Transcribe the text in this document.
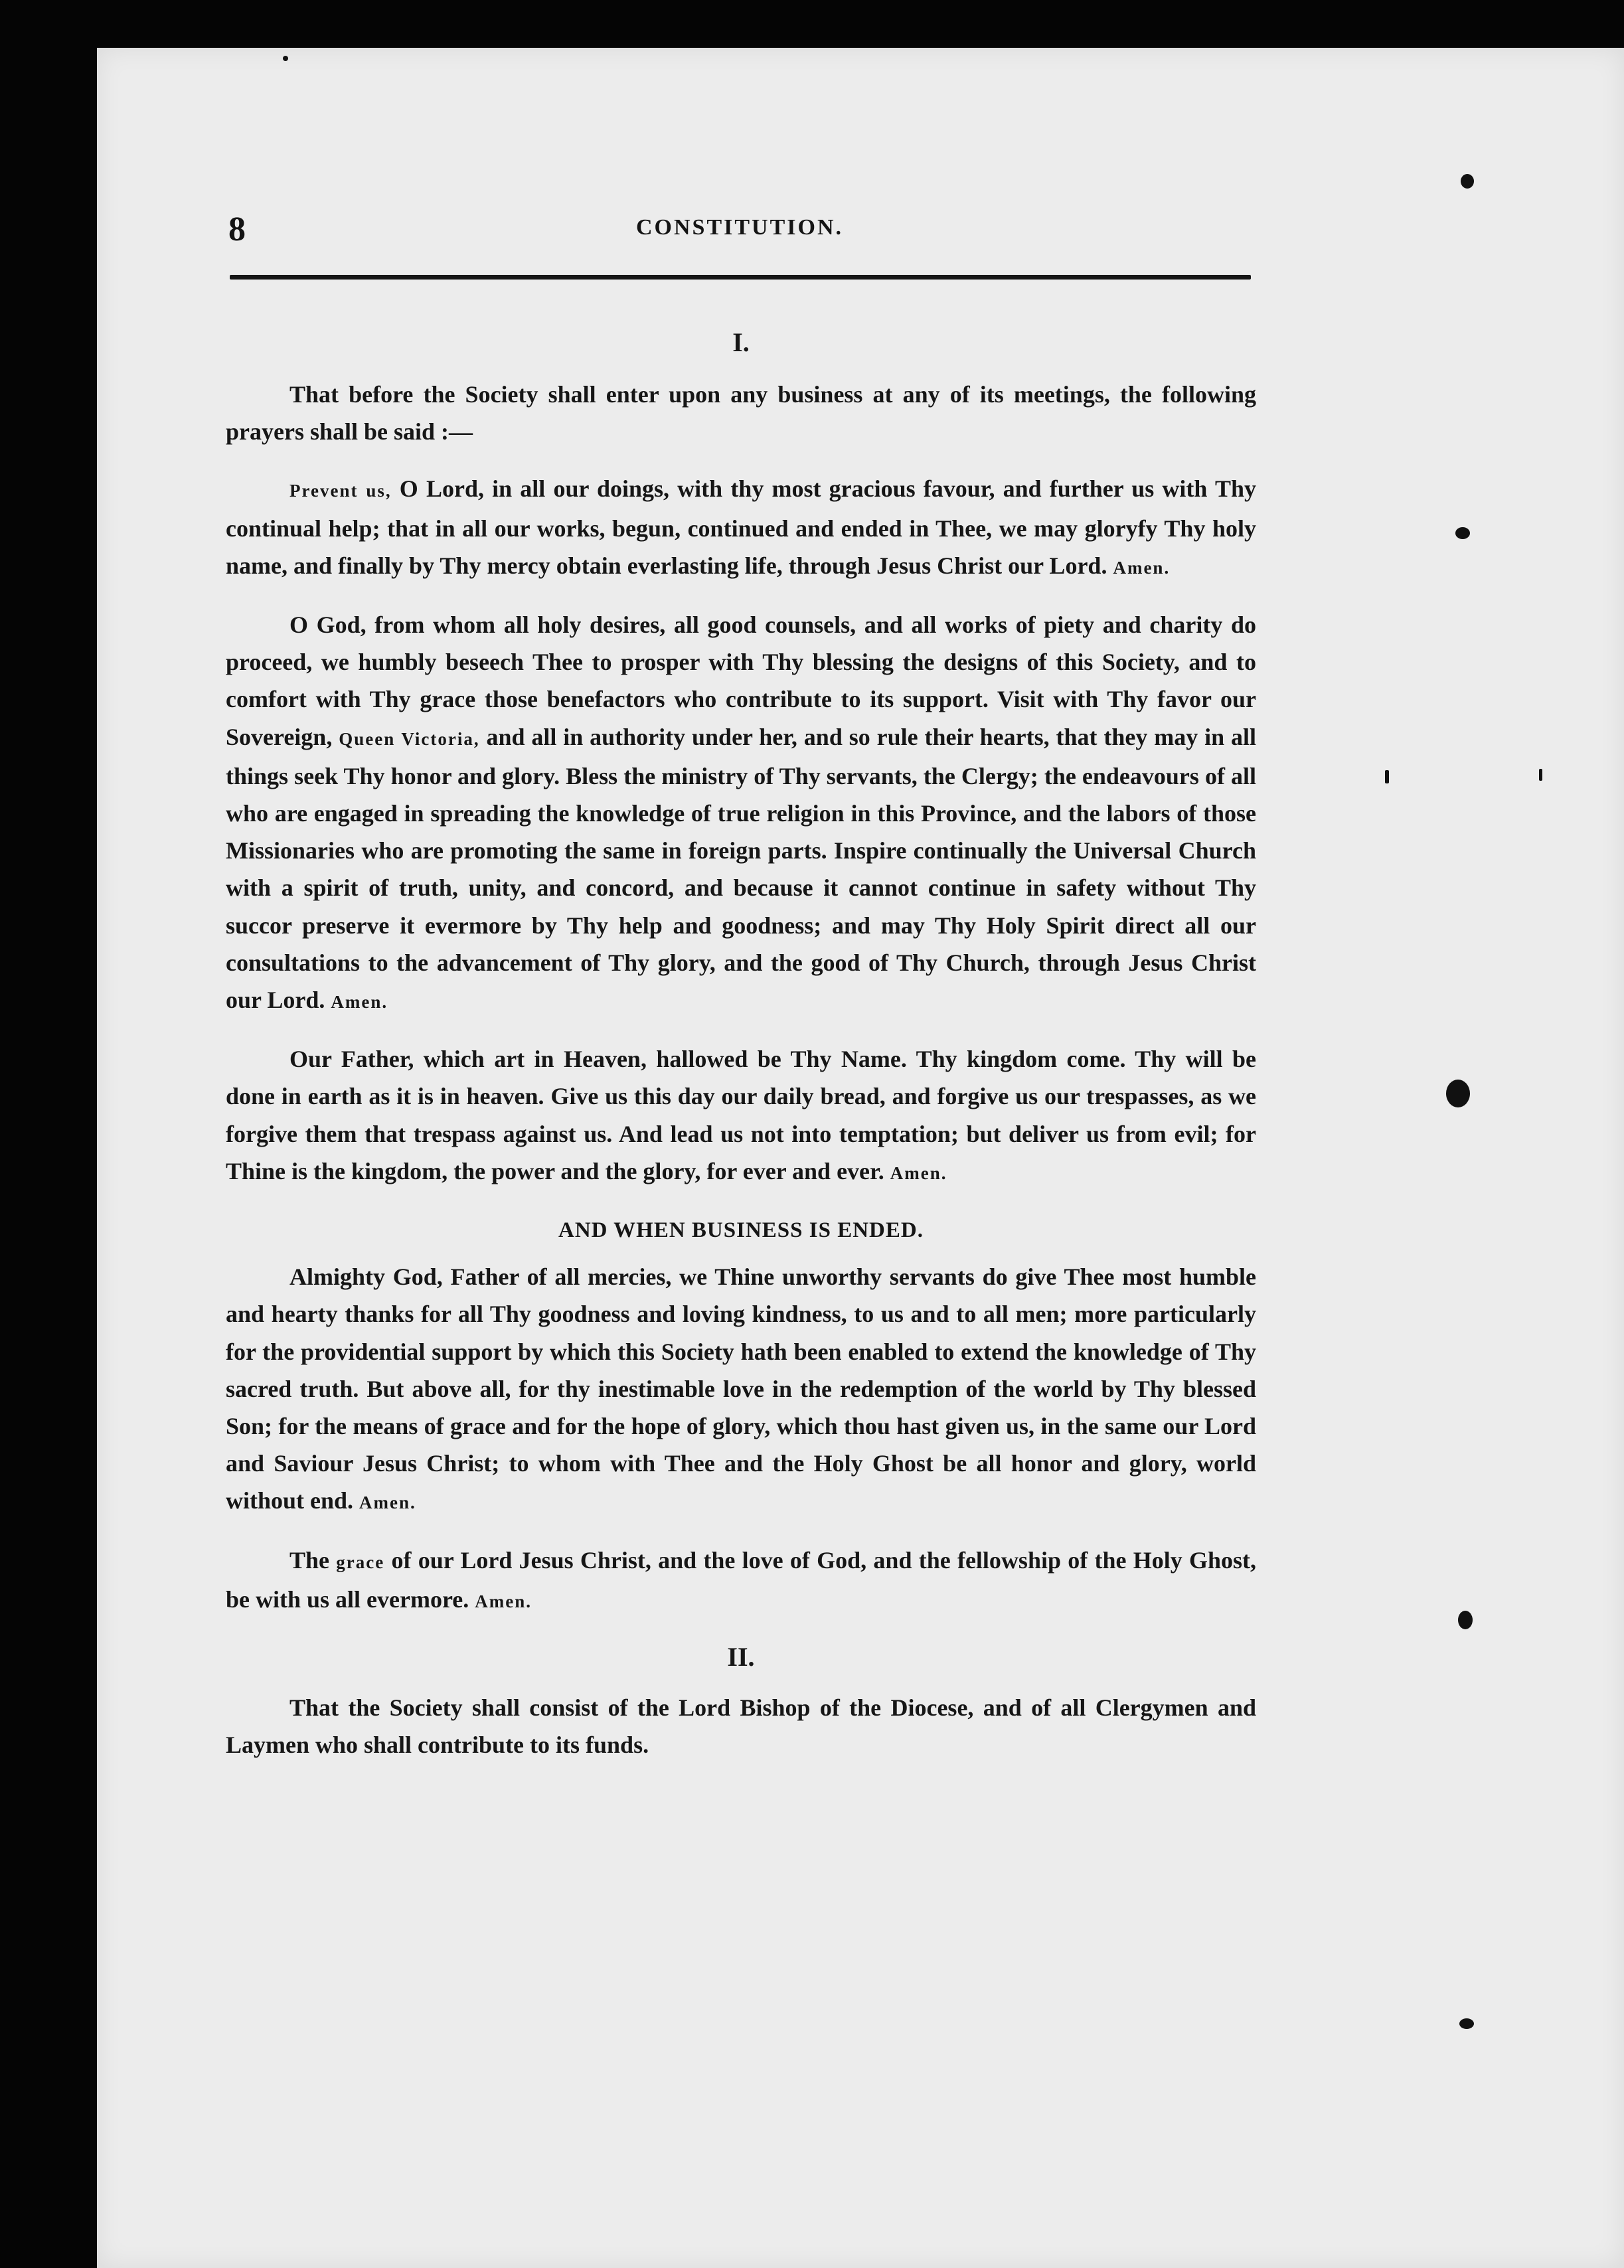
8	CONSTITUTION.
I.

That before the Society shall enter upon any business at any of its meetings, the following prayers shall be said :—

Prevent us, O Lord, in all our doings, with thy most gracious favour, and further us with Thy continual help; that in all our works, begun, continued and ended in Thee, we may gloryfy Thy holy name, and finally by Thy mercy obtain everlasting life, through Jesus Christ our Lord. Amen.

O God, from whom all holy desires, all good counsels, and all works of piety and charity do proceed, we humbly beseech Thee to prosper with Thy blessing the designs of this Society, and to comfort with Thy grace those benefactors who contribute to its support. Visit with Thy favor our Sovereign, Queen Victoria, and all in authority under her, and so rule their hearts, that they may in all things seek Thy honor and glory. Bless the ministry of Thy servants, the Clergy; the endeavours of all who are engaged in spreading the knowledge of true religion in this Province, and the labors of those Missionaries who are promoting the same in foreign parts. Inspire continually the Universal Church with a spirit of truth, unity, and concord, and because it cannot continue in safety without Thy succor preserve it evermore by Thy help and goodness; and may Thy Holy Spirit direct all our consultations to the advancement of Thy glory, and the good of Thy Church, through Jesus Christ our Lord. Amen.

Our Father, which art in Heaven, hallowed be Thy Name. Thy kingdom come. Thy will be done in earth as it is in heaven. Give us this day our daily bread, and forgive us our trespasses, as we forgive them that trespass against us. And lead us not into temptation; but deliver us from evil; for Thine is the kingdom, the power and the glory, for ever and ever. Amen.

AND WHEN BUSINESS IS ENDED.

Almighty God, Father of all mercies, we Thine unworthy servants do give Thee most humble and hearty thanks for all Thy goodness and loving kindness, to us and to all men; more particularly for the providential support by which this Society hath been enabled to extend the knowledge of Thy sacred truth. But above all, for thy inestimable love in the redemption of the world by Thy blessed Son; for the means of grace and for the hope of glory, which thou hast given us, in the same our Lord and Saviour Jesus Christ; to whom with Thee and the Holy Ghost be all honor and glory, world without end. Amen.

The grace of our Lord Jesus Christ, and the love of God, and the fellowship of the Holy Ghost, be with us all evermore. Amen.

II.

That the Society shall consist of the Lord Bishop of the Diocese, and of all Clergymen and Laymen who shall contribute to its funds.
